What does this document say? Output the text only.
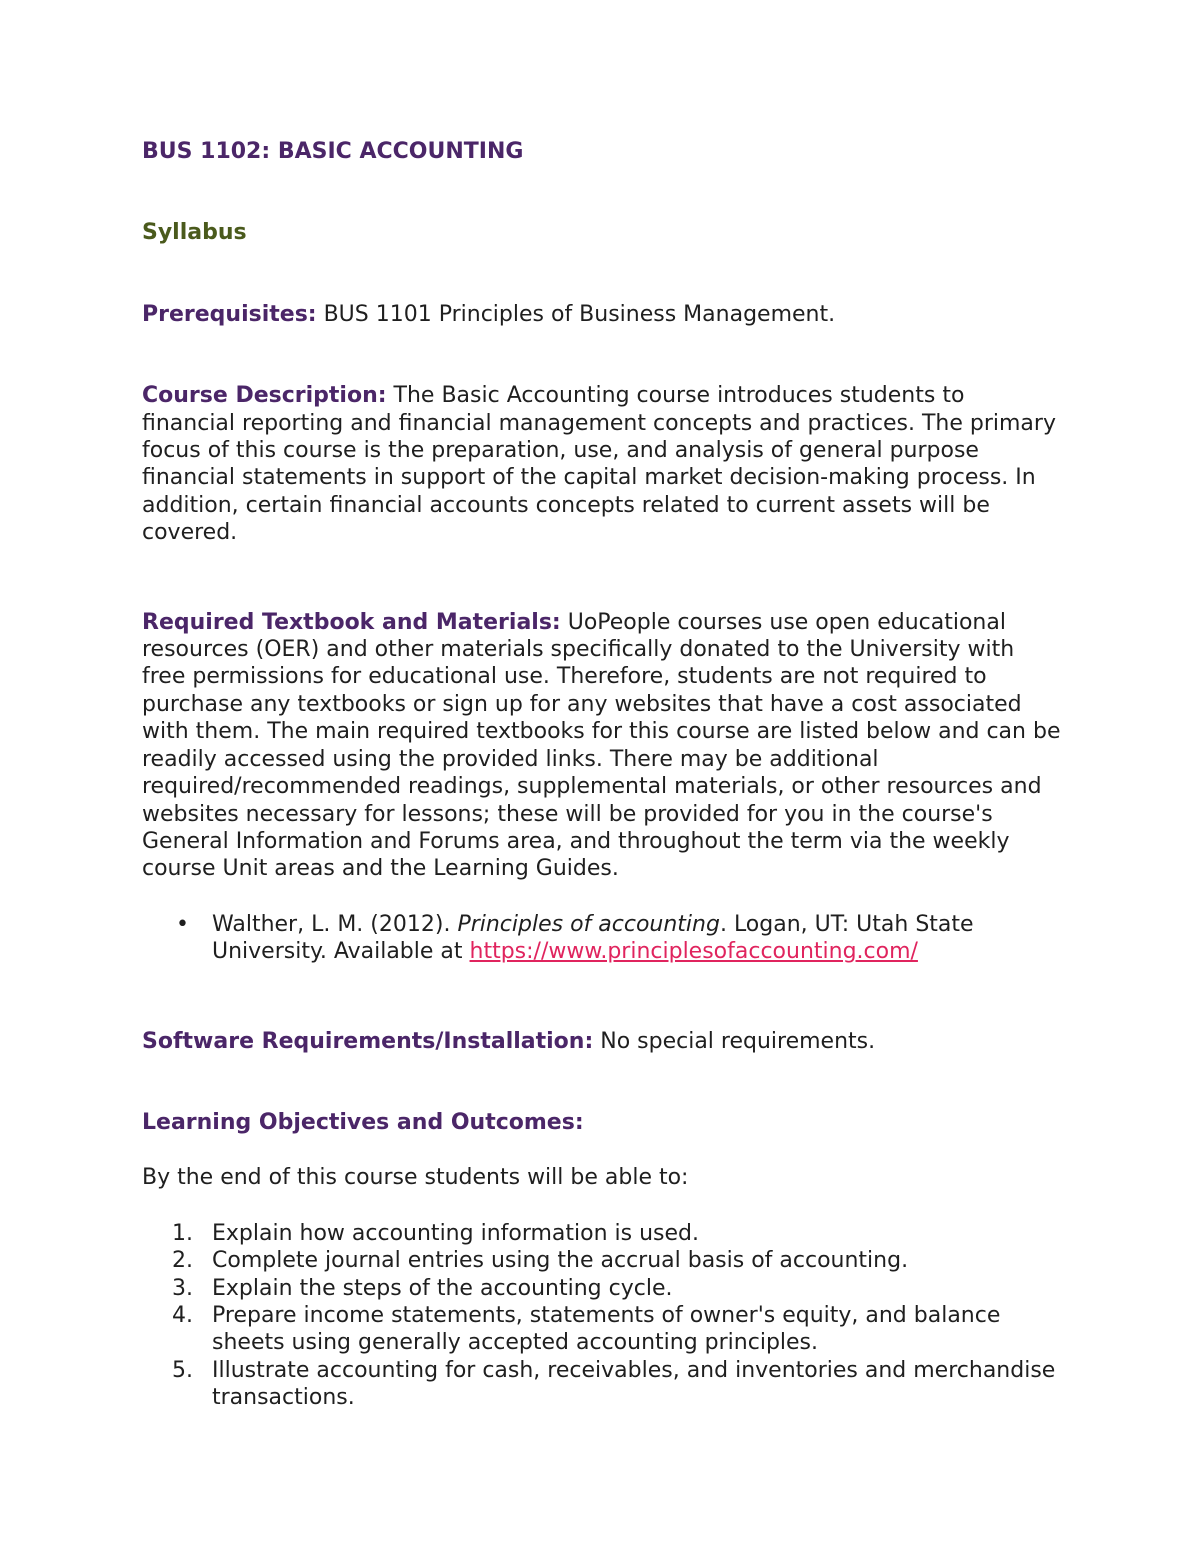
BUS 1102: BASIC ACCOUNTING

Syllabus

Prerequisites: BUS 1101 Principles of Business Management.

Course Description: The Basic Accounting course introduces students to financial reporting and financial management concepts and practices. The primary focus of this course is the preparation, use, and analysis of general purpose financial statements in support of the capital market decision-making process. In addition, certain financial accounts concepts related to current assets will be covered.

Required Textbook and Materials: UoPeople courses use open educational resources (OER) and other materials specifically donated to the University with free permissions for educational use. Therefore, students are not required to purchase any textbooks or sign up for any websites that have a cost associated with them. The main required textbooks for this course are listed below and can be readily accessed using the provided links. There may be additional required/recommended readings, supplemental materials, or other resources and websites necessary for lessons; these will be provided for you in the course's General Information and Forums area, and throughout the term via the weekly course Unit areas and the Learning Guides.

• Walther, L. M. (2012). Principles of accounting. Logan, UT: Utah State University. Available at https://www.principlesofaccounting.com/

Software Requirements/Installation: No special requirements.

Learning Objectives and Outcomes:

By the end of this course students will be able to:

1. Explain how accounting information is used.
2. Complete journal entries using the accrual basis of accounting.
3. Explain the steps of the accounting cycle.
4. Prepare income statements, statements of owner's equity, and balance sheets using generally accepted accounting principles.
5. Illustrate accounting for cash, receivables, and inventories and merchandise transactions.
